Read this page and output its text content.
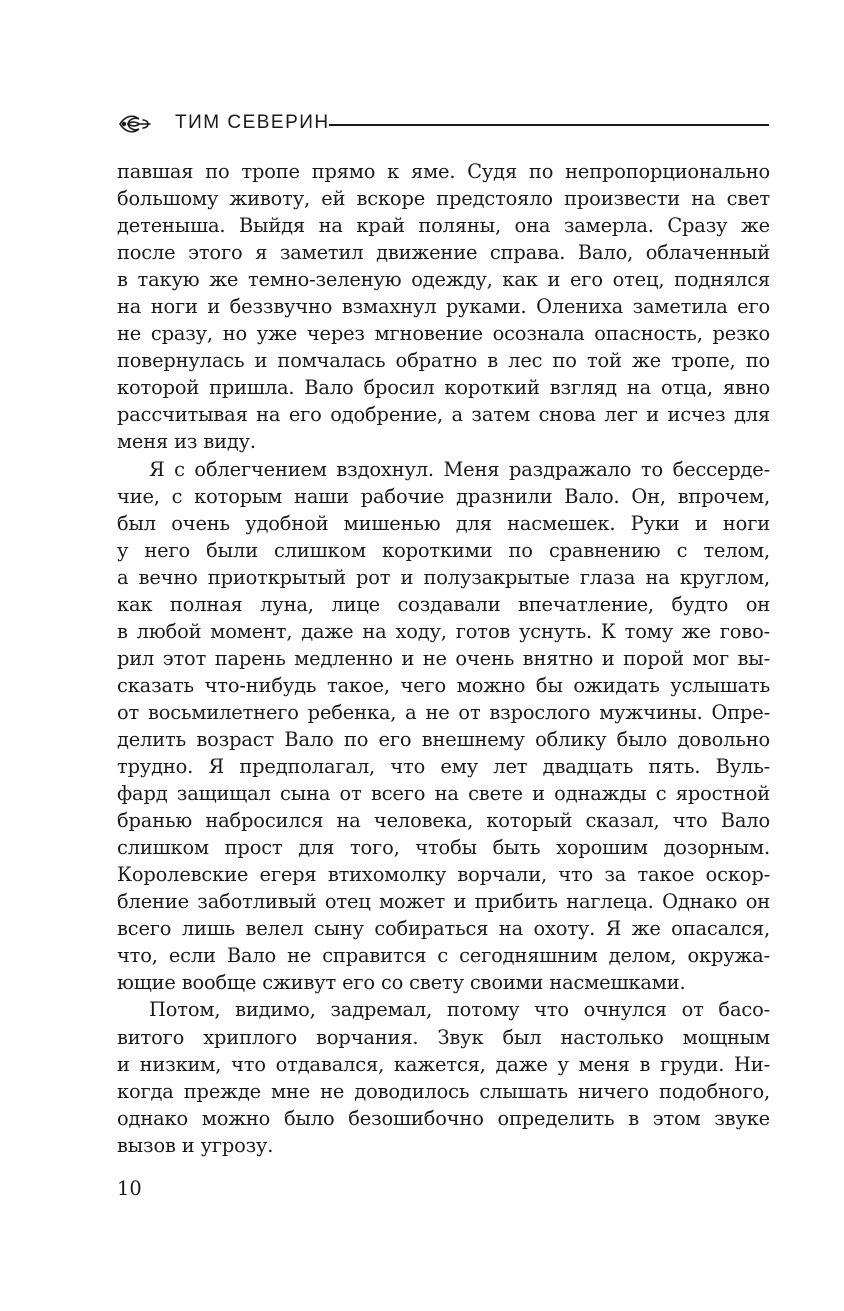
ТИМ СЕВЕРИН
павшая по тропе прямо к яме. Судя по непропорционально
большому животу, ей вскоре предстояло произвести на свет
детеныша. Выйдя на край поляны, она замерла. Сразу же
после этого я заметил движение справа. Вало, облаченный
в такую же темно-зеленую одежду, как и его отец, поднялся
на ноги и беззвучно взмахнул руками. Олениха заметила его
не сразу, но уже через мгновение осознала опасность, резко
повернулась и помчалась обратно в лес по той же тропе, по
которой пришла. Вало бросил короткий взгляд на отца, явно
рассчитывая на его одобрение, а затем снова лег и исчез для
меня из виду.
Я с облегчением вздохнул. Меня раздражало то бессерде-
чие, с которым наши рабочие дразнили Вало. Он, впрочем,
был очень удобной мишенью для насмешек. Руки и ноги
у него были слишком короткими по сравнению с телом,
а вечно приоткрытый рот и полузакрытые глаза на круглом,
как полная луна, лице создавали впечатление, будто он
в любой момент, даже на ходу, готов уснуть. К тому же гово-
рил этот парень медленно и не очень внятно и порой мог вы-
сказать что-нибудь такое, чего можно бы ожидать услышать
от восьмилетнего ребенка, а не от взрослого мужчины. Опре-
делить возраст Вало по его внешнему облику было довольно
трудно. Я предполагал, что ему лет двадцать пять. Вуль-
фард защищал сына от всего на свете и однажды с яростной
бранью набросился на человека, который сказал, что Вало
слишком прост для того, чтобы быть хорошим дозорным.
Королевские егеря втихомолку ворчали, что за такое оскор-
бление заботливый отец может и прибить наглеца. Однако он
всего лишь велел сыну собираться на охоту. Я же опасался,
что, если Вало не справится с сегодняшним делом, окружа-
ющие вообще сживут его со свету своими насмешками.
Потом, видимо, задремал, потому что очнулся от басо-
витого хриплого ворчания. Звук был настолько мощным
и низким, что отдавался, кажется, даже у меня в груди. Ни-
когда прежде мне не доводилось слышать ничего подобного,
однако можно было безошибочно определить в этом звуке
вызов и угрозу.
10
